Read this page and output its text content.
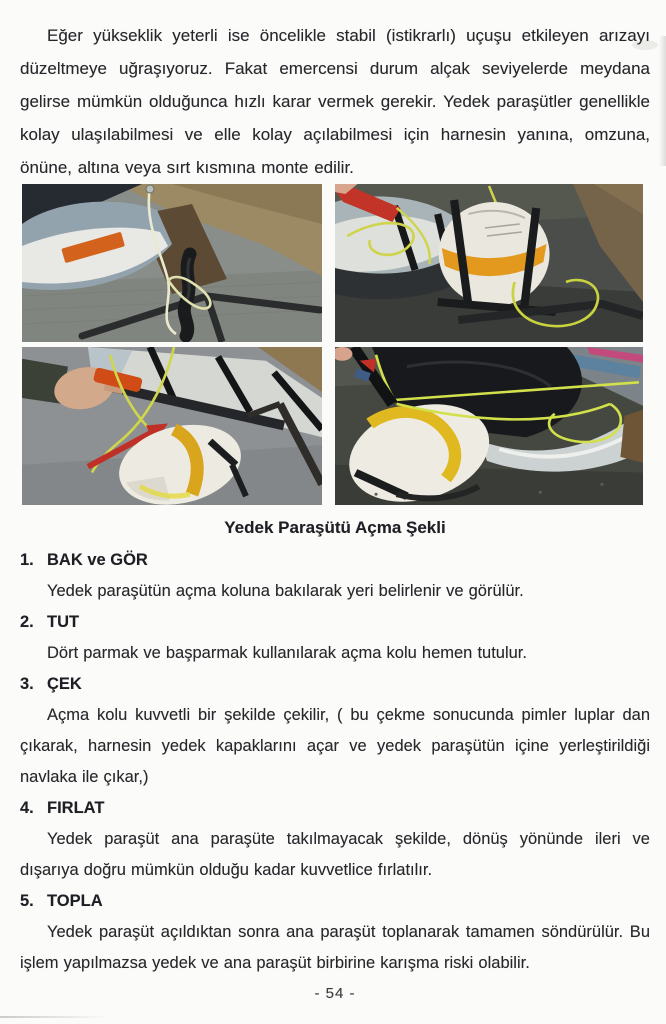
Eğer yükseklik yeterli ise öncelikle stabil (istikrarlı) uçuşu etkileyen arızayı düzeltmeye uğraşıyoruz. Fakat emercensi durum alçak seviyelerde meydana gelirse mümkün olduğunca hızlı karar vermek gerekir. Yedek paraşütler genellikle kolay ulaşılabilmesi ve elle kolay açılabilmesi için harnesin yanına, omzuna, önüne, altına veya sırt kısmına monte edilir.

Yedek Paraşütü Açma Şekli
1. BAK ve GÖR

Yedek paraşütün açma koluna bakılarak yeri belirlenir ve görülür.

2. TUT

Dört parmak ve başparmak kullanılarak açma kolu hemen tutulur.

3. ÇEK

Açma kolu kuvvetli bir şekilde çekilir, ( bu çekme sonucunda pimler luplar dan çıkarak, harnesin yedek kapaklarını açar ve yedek paraşütün içine yerleştirildiği navlaka ile çıkar,)

4. FIRLAT

Yedek paraşüt ana paraşüte takılmayacak şekilde, dönüş yönünde ileri ve dışarıya doğru mümkün olduğu kadar kuvvetlice fırlatılır.

5. TOPLA

Yedek paraşüt açıldıktan sonra ana paraşüt toplanarak tamamen söndürülür. Bu işlem yapılmazsa yedek ve ana paraşüt birbirine karışma riski olabilir.

- 54 -
